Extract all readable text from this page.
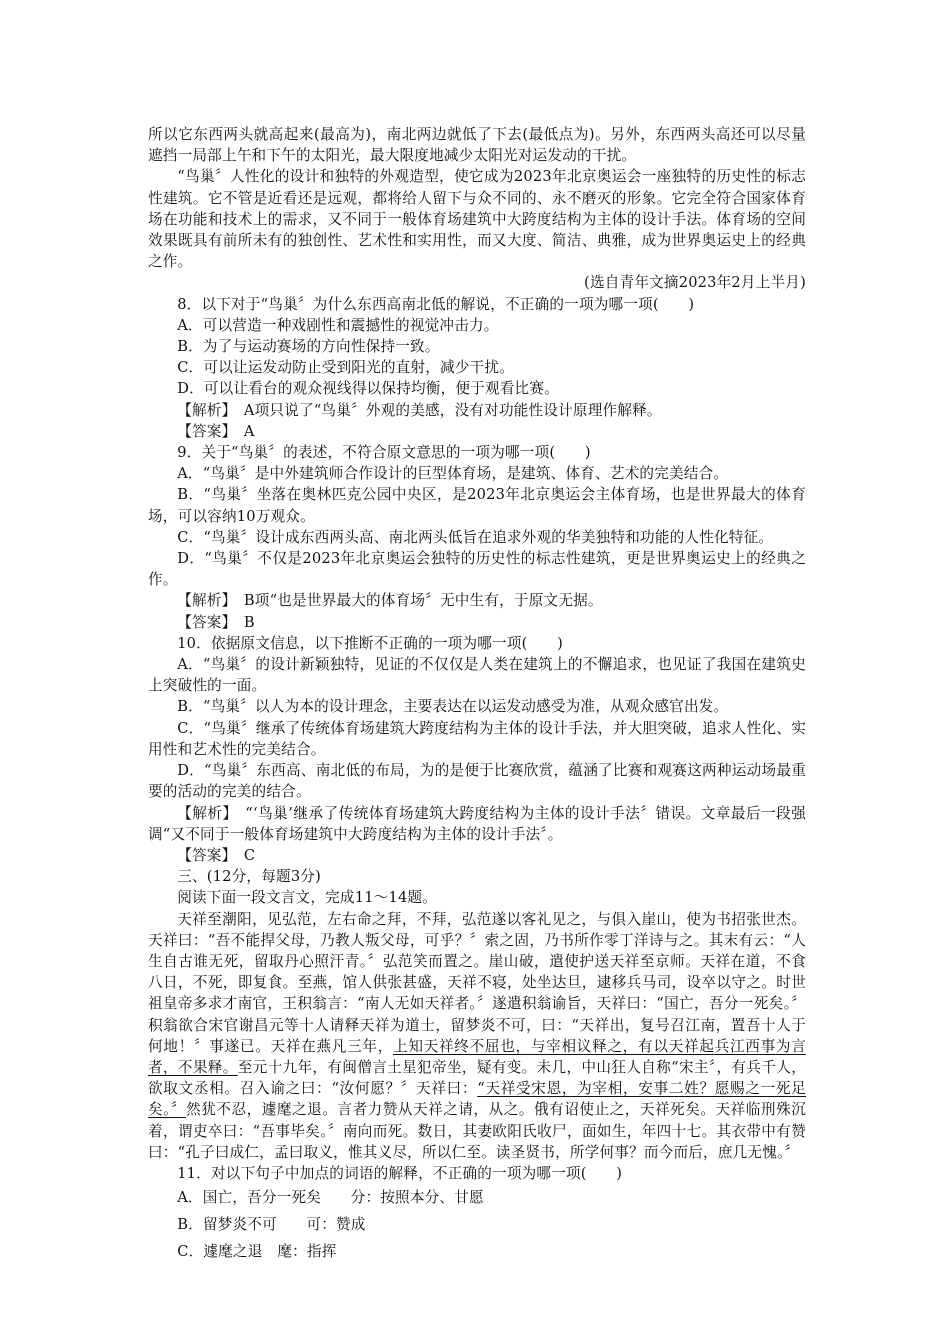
所以它东西两头就高起来(最高为)，南北两边就低了下去(最低点为)。另外，东西两头高还可以尽量遮挡一局部上午和下午的太阳光，最大限度地减少太阳光对运发动的干扰。

“鸟巢〞人性化的设计和独特的外观造型，使它成为2023年北京奥运会一座独特的历史性的标志性建筑。它不管是近看还是远观，都将给人留下与众不同的、永不磨灭的形象。它完全符合国家体育场在功能和技术上的需求，又不同于一般体育场建筑中大跨度结构为主体的设计手法。体育场的空间效果既具有前所未有的独创性、艺术性和实用性，而又大度、简洁、典雅，成为世界奥运史上的经典之作。

(选自青年文摘2023年2月上半月)

8．以下对于“鸟巢〞为什么东西高南北低的解说，不正确的一项为哪一项(　　)

A．可以营造一种戏剧性和震撼性的视觉冲击力。

B．为了与运动赛场的方向性保持一致。

C．可以让运发动防止受到阳光的直射，减少干扰。

D．可以让看台的观众视线得以保持均衡，便于观看比赛。

【解析】　A项只说了“鸟巢〞外观的美感，没有对功能性设计原理作解释。

【答案】　A

9．关于“鸟巢〞的表述，不符合原文意思的一项为哪一项(　　)

A．“鸟巢〞是中外建筑师合作设计的巨型体育场，是建筑、体育、艺术的完美结合。

B．“鸟巢〞坐落在奥林匹克公园中央区，是2023年北京奥运会主体育场，也是世界最大的体育场，可以容纳10万观众。

C．“鸟巢〞设计成东西两头高、南北两头低旨在追求外观的华美独特和功能的人性化特征。

D．“鸟巢〞不仅是2023年北京奥运会独特的历史性的标志性建筑，更是世界奥运史上的经典之作。

【解析】　B项“也是世界最大的体育场〞无中生有，于原文无据。

【答案】　B

10．依据原文信息，以下推断不正确的一项为哪一项(　　)

A．“鸟巢〞的设计新颖独特，见证的不仅仅是人类在建筑上的不懈追求，也见证了我国在建筑史上突破性的一面。

B．“鸟巢〞以人为本的设计理念，主要表达在以运发动感受为准，从观众感官出发。

C．“鸟巢〞继承了传统体育场建筑大跨度结构为主体的设计手法，并大胆突破，追求人性化、实用性和艺术性的完美结合。

D．“鸟巢〞东西高、南北低的布局，为的是便于比赛欣赏，蕴涵了比赛和观赛这两种运动场最重要的活动的完美的结合。

【解析】　“‘鸟巢’继承了传统体育场建筑大跨度结构为主体的设计手法〞错误。文章最后一段强调“又不同于一般体育场建筑中大跨度结构为主体的设计手法〞。

【答案】　C

三、(12分，每题3分)

阅读下面一段文言文，完成11～14题。

天祥至潮阳，见弘范，左右命之拜，不拜，弘范遂以客礼见之，与俱入崖山，使为书招张世杰。天祥曰：“吾不能捍父母，乃教人叛父母，可乎？〞索之固，乃书所作零丁洋诗与之。其末有云：“人生自古谁无死，留取丹心照汗青。〞弘范笑而置之。崖山破，遣使护送天祥至京师。天祥在道，不食八日，不死，即复食。至燕，馆人供张甚盛，天祥不寝，处坐达旦，逮移兵马司，设卒以守之。时世祖皇帝多求才南官，王积翁言：“南人无如天祥者。〞遂遣积翁谕旨，天祥曰：“国亡，吾分一死矣。〞积翁欲合宋官谢昌元等十人请释天祥为道士，留梦炎不可，曰：“天祥出，复号召江南，置吾十人于何地！〞事遂已。天祥在燕凡三年，上知天祥终不屈也，与宰相议释之，有以天祥起兵江西事为言者，不果释。至元十九年，有闽僧言土星犯帝坐，疑有变。未几，中山狂人自称“宋主〞，有兵千人，欲取文丞相。召入谕之曰：“汝何愿？〞天祥曰：“天祥受宋恩，为宰相，安事二姓？愿赐之一死足矣。〞然犹不忍，遽麾之退。言者力赞从天祥之请，从之。俄有诏使止之，天祥死矣。天祥临刑殊沉着，谓吏卒曰：“吾事毕矣。〞南向而死。数日，其妻欧阳氏收尸，面如生，年四十七。其衣带中有赞曰：“孔子曰成仁，孟曰取义，惟其义尽，所以仁至。读圣贤书，所学何事？而今而后，庶几无愧。〞

11．对以下句子中加点的词语的解释，不正确的一项为哪一项(　　)

A．国亡，吾分一死矣　　分：按照本分、甘愿

B．留梦炎不可　　可：赞成

C．遽麾之退　麾：指挥
